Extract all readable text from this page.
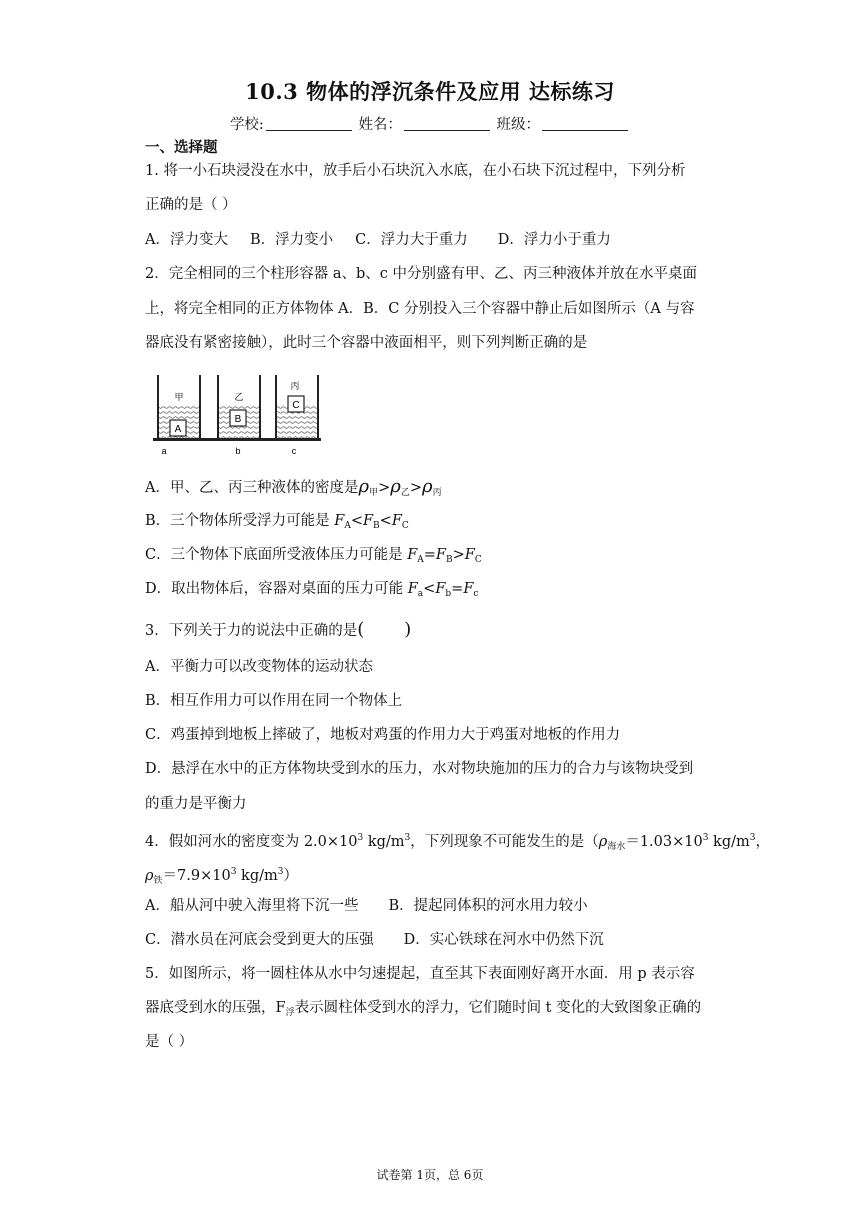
10.3 物体的浮沉条件及应用 达标练习
学校:	姓名：	班级：
一、选择题
1. 将一小石块浸没在水中，放手后小石块沉入水底，在小石块下沉过程中，下列分析
正确的是（ ）
A．浮力变大 B．浮力变小 C．浮力大于重力 D．浮力小于重力
2．完全相同的三个柱形容器 a、b、c 中分别盛有甲、乙、丙三种液体并放在水平桌面
上，将完全相同的正方体物体 A．B．C 分别投入三个容器中静止后如图所示（A 与容
器底没有紧密接触），此时三个容器中液面相平，则下列判断正确的是
A
甲
a
B
乙
b
C
丙
c
A．甲、乙、丙三种液体的密度是$\rho_甲>\rho_乙>\rho_丙$
B．三个物体所受浮力可能是 $F_A<F_B<F_C$
C．三个物体下底面所受液体压力可能是 $F_A=F_B>F_C$
D．取出物体后，容器对桌面的压力可能 $F_a<F_b=F_c$
3．下列关于力的说法中正确的是( )
A．平衡力可以改变物体的运动状态
B．相互作用力可以作用在同一个物体上
C．鸡蛋掉到地板上摔破了，地板对鸡蛋的作用力大于鸡蛋对地板的作用力
D．悬浮在水中的正方体物块受到水的压力，水对物块施加的压力的合力与该物块受到
的重力是平衡力
4．假如河水的密度变为 $2.0\times 10^3$ $kg/m^3$，下列现象不可能发生的是（$\rho_{海水}=1.03\times 10^3$ $kg/m^3$，
$\rho_铁=7.9\times 10^3$ $kg/m^3$）
A．船从河中驶入海里将下沉一些 B．提起同体积的河水用力较小
C．潜水员在河底会受到更大的压强 D．实心铁球在河水中仍然下沉
5．如图所示，将一圆柱体从水中匀速提起，直至其下表面刚好离开水面．用 p 表示容
器底受到水的压强，$F_浮$表示圆柱体受到水的浮力，它们随时间 t 变化的大致图象正确的
是（ ）
试卷第 1页，总 6页
